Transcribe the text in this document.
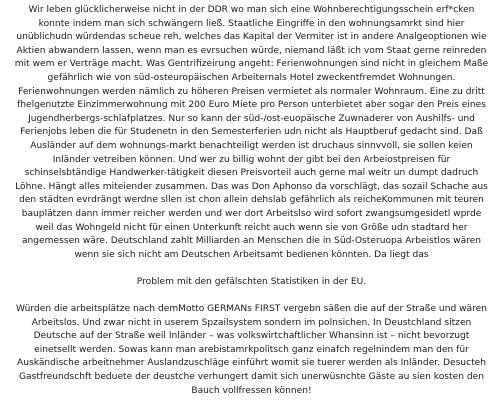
Wir leben glücklicherweise nicht in der DDR wo man sich eine Wohnberechtigungsschein erf*cken
konnte indem man sich schwängern ließ. Staatliche Eingriffe in den wohnungsamrkt sind hier
unüblichudn würdendas scheue reh, welches das Kapital der Vermiter ist in andere Analgeoptionen wie
Aktien abwandern lassen, wenn man es evrsuchen würde, niemand läßt ich vom Staat gerne reinreden
mit wem er Verträge macht. Was Gentrifizeirung angeht: Ferienwohnungen sind nicht in gleichem Maße
gefährlich wie von süd-osteuropäischen Arbeiternals Hotel zweckentfremdet Wohnungen.
Ferienwohnungen werden nämlich zu höheren Preisen vermietet als normaler Wohnraum. Eine zu dritt
fhelgenutzte Einzimmerwohnung mit 200 Euro Miete pro Person unterbietet aber sogar den Preis eines
Jugendherbergs-schlafplatzes. Nur so kann der süd-/ost-euopäische Zuwnaderer von Aushilfs- und
Ferienjobs leben die für Studenetn in den Semesterferien udn nicht als Hauptberuf gedacht sind. Daß
Ausländer auf dem wohnungs-markt benachteiligt werden ist druchaus sinnvvoll, sie sollen keien
Inländer vetreiben können. Und wer zu billig wohnt der gibt bei den Arbeiostpreisen für
schinselsbtändige Handwerker-tätigkeit diesen Preisvorteil auch gerne mal weitr un dumpt dadruch
Löhne. Hängt alles miteiender zusammen. Das was Don Aphonso da vorschlägt, das sozail Schache aus
den städten evrdrängt werdne sllen ist chon allein dehslab gefährlich als reicheKommunen mit teuren
bauplätzen dann immer reicher werden und wer dort Arbeitslso wird sofort zwangsumgesidetl wprde
weil das Wohngeld nicht für einen Unterkunft reicht auch wenn sie von Größe udn stadtard her
angemessen wäre. Deutschland zahlt Milliarden an Menschen die in Süd-Osteruopa Arbeistlos wären
wenn sie sich nicht am Deutschen Arbeitsamt bedienen könnten. Da liegt das
Problem mit den gefälschten Statistiken in der EU.
Würden die arbeitsplätze nach demMotto GERMANs FIRST vergebn säßen die auf der Straße und wären
Arbeitslos. Und zwar nicht in userem Spzailsystem sondern im polnsichen. In Deustchland sitzen
Deutsche auf der Straße weil Inländer – was volkswirtchaftlicher Whansinn ist – nicht bevorzugt
einetsellt werden. Sowas kann man arebistamrkpolitsch ganz einafch regelnindem man den für
Auskändische arbeitnehmer Auslandzuschläge einführt womit sie tuerer werden als Inländer. Desucteh
Gastfreundschft beduete der deustche verhungert damit sich unerwüsnchte Gäste au sien kosten den
Bauch vollfressen können!
